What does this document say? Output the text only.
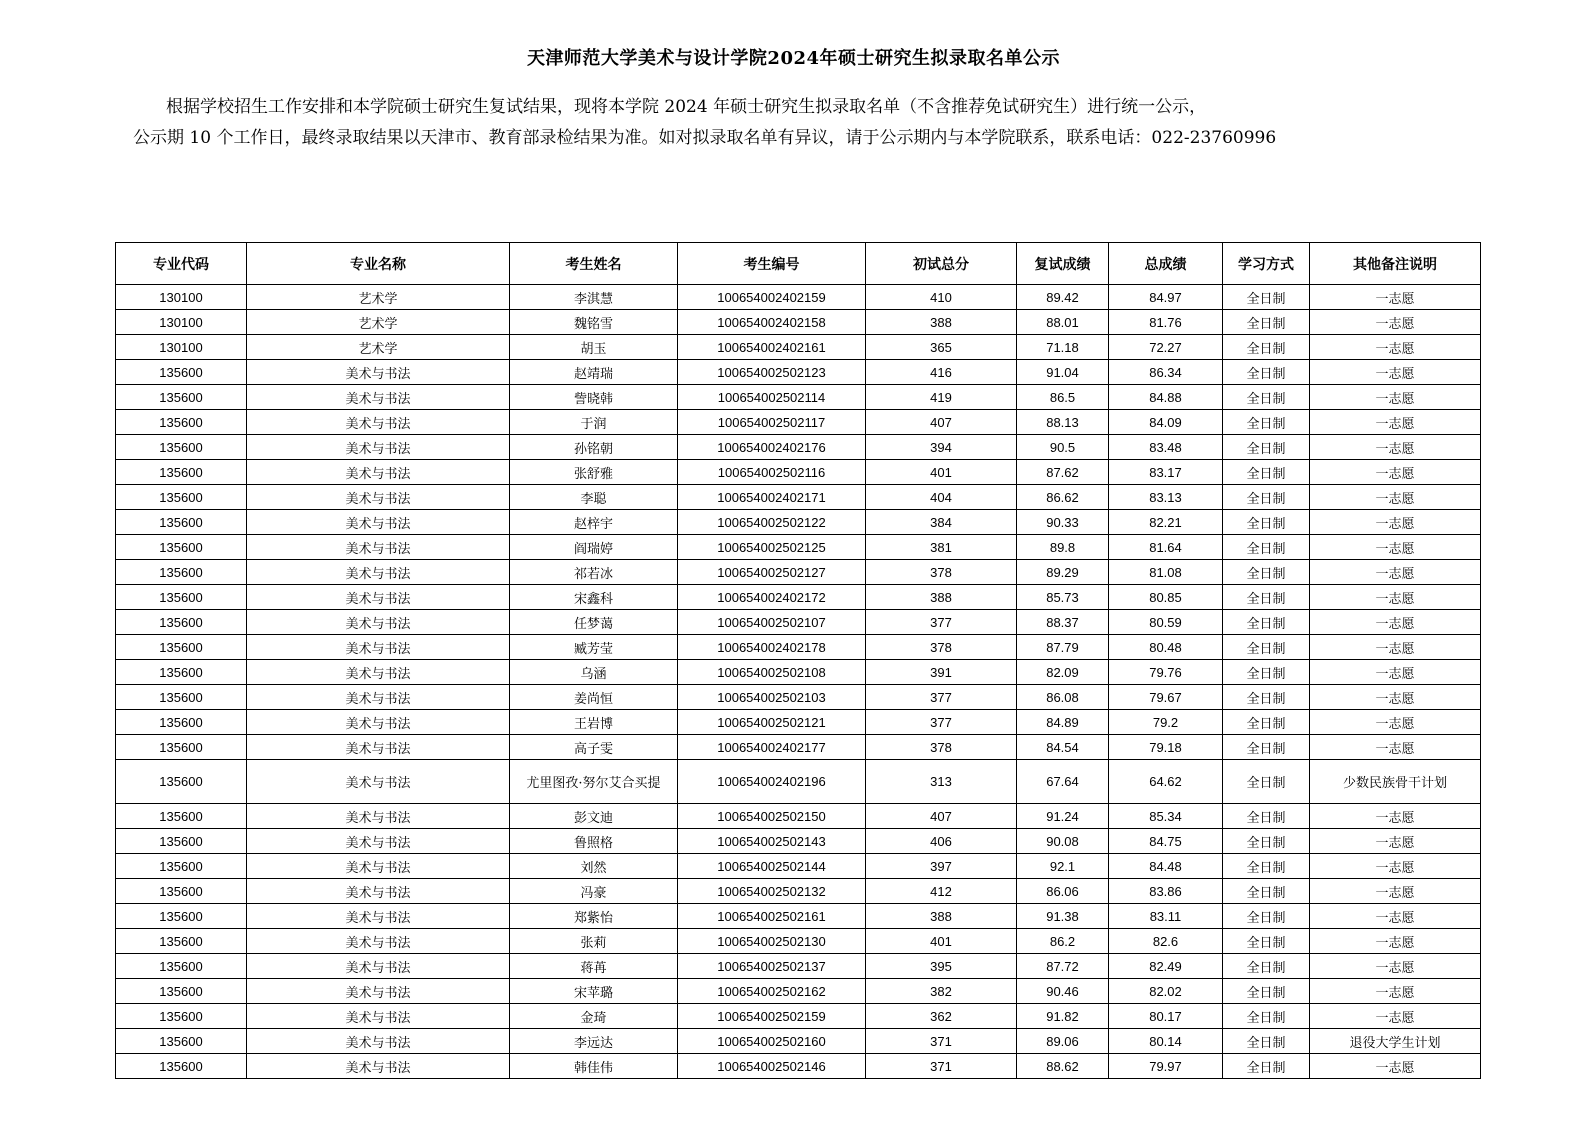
天津师范大学美术与设计学院2024年硕士研究生拟录取名单公示
根据学校招生工作安排和本学院硕士研究生复试结果，现将本学院 2024 年硕士研究生拟录取名单（不含推荐免试研究生）进行统一公示，
公示期 10 个工作日，最终录取结果以天津市、教育部录检结果为准。如对拟录取名单有异议，请于公示期内与本学院联系，联系电话：022-23760996
专业代码	专业名称	考生姓名	考生编号	初试总分	复试成绩	总成绩	学习方式	其他备注说明
130100	艺术学	李淇慧	100654002402159	410	89.42	84.97	全日制	一志愿
130100	艺术学	魏铭雪	100654002402158	388	88.01	81.76	全日制	一志愿
130100	艺术学	胡玉	100654002402161	365	71.18	72.27	全日制	一志愿
135600	美术与书法	赵靖瑞	100654002502123	416	91.04	86.34	全日制	一志愿
135600	美术与书法	訾晓韩	100654002502114	419	86.5	84.88	全日制	一志愿
135600	美术与书法	于润	100654002502117	407	88.13	84.09	全日制	一志愿
135600	美术与书法	孙铭朝	100654002402176	394	90.5	83.48	全日制	一志愿
135600	美术与书法	张舒雅	100654002502116	401	87.62	83.17	全日制	一志愿
135600	美术与书法	李聪	100654002402171	404	86.62	83.13	全日制	一志愿
135600	美术与书法	赵梓宇	100654002502122	384	90.33	82.21	全日制	一志愿
135600	美术与书法	阎瑞婷	100654002502125	381	89.8	81.64	全日制	一志愿
135600	美术与书法	祁若冰	100654002502127	378	89.29	81.08	全日制	一志愿
135600	美术与书法	宋鑫科	100654002402172	388	85.73	80.85	全日制	一志愿
135600	美术与书法	任梦蔼	100654002502107	377	88.37	80.59	全日制	一志愿
135600	美术与书法	臧芳莹	100654002402178	378	87.79	80.48	全日制	一志愿
135600	美术与书法	乌涵	100654002502108	391	82.09	79.76	全日制	一志愿
135600	美术与书法	姜尚恒	100654002502103	377	86.08	79.67	全日制	一志愿
135600	美术与书法	王岩博	100654002502121	377	84.89	79.2	全日制	一志愿
135600	美术与书法	高子雯	100654002402177	378	84.54	79.18	全日制	一志愿
135600	美术与书法	尤里图孜·努尔艾合买提	100654002402196	313	67.64	64.62	全日制	少数民族骨干计划
135600	美术与书法	彭文迪	100654002502150	407	91.24	85.34	全日制	一志愿
135600	美术与书法	鲁照格	100654002502143	406	90.08	84.75	全日制	一志愿
135600	美术与书法	刘然	100654002502144	397	92.1	84.48	全日制	一志愿
135600	美术与书法	冯豪	100654002502132	412	86.06	83.86	全日制	一志愿
135600	美术与书法	郑紫怡	100654002502161	388	91.38	83.11	全日制	一志愿
135600	美术与书法	张莉	100654002502130	401	86.2	82.6	全日制	一志愿
135600	美术与书法	蒋苒	100654002502137	395	87.72	82.49	全日制	一志愿
135600	美术与书法	宋苹璐	100654002502162	382	90.46	82.02	全日制	一志愿
135600	美术与书法	金琦	100654002502159	362	91.82	80.17	全日制	一志愿
135600	美术与书法	李远达	100654002502160	371	89.06	80.14	全日制	退役大学生计划
135600	美术与书法	韩佳伟	100654002502146	371	88.62	79.97	全日制	一志愿
